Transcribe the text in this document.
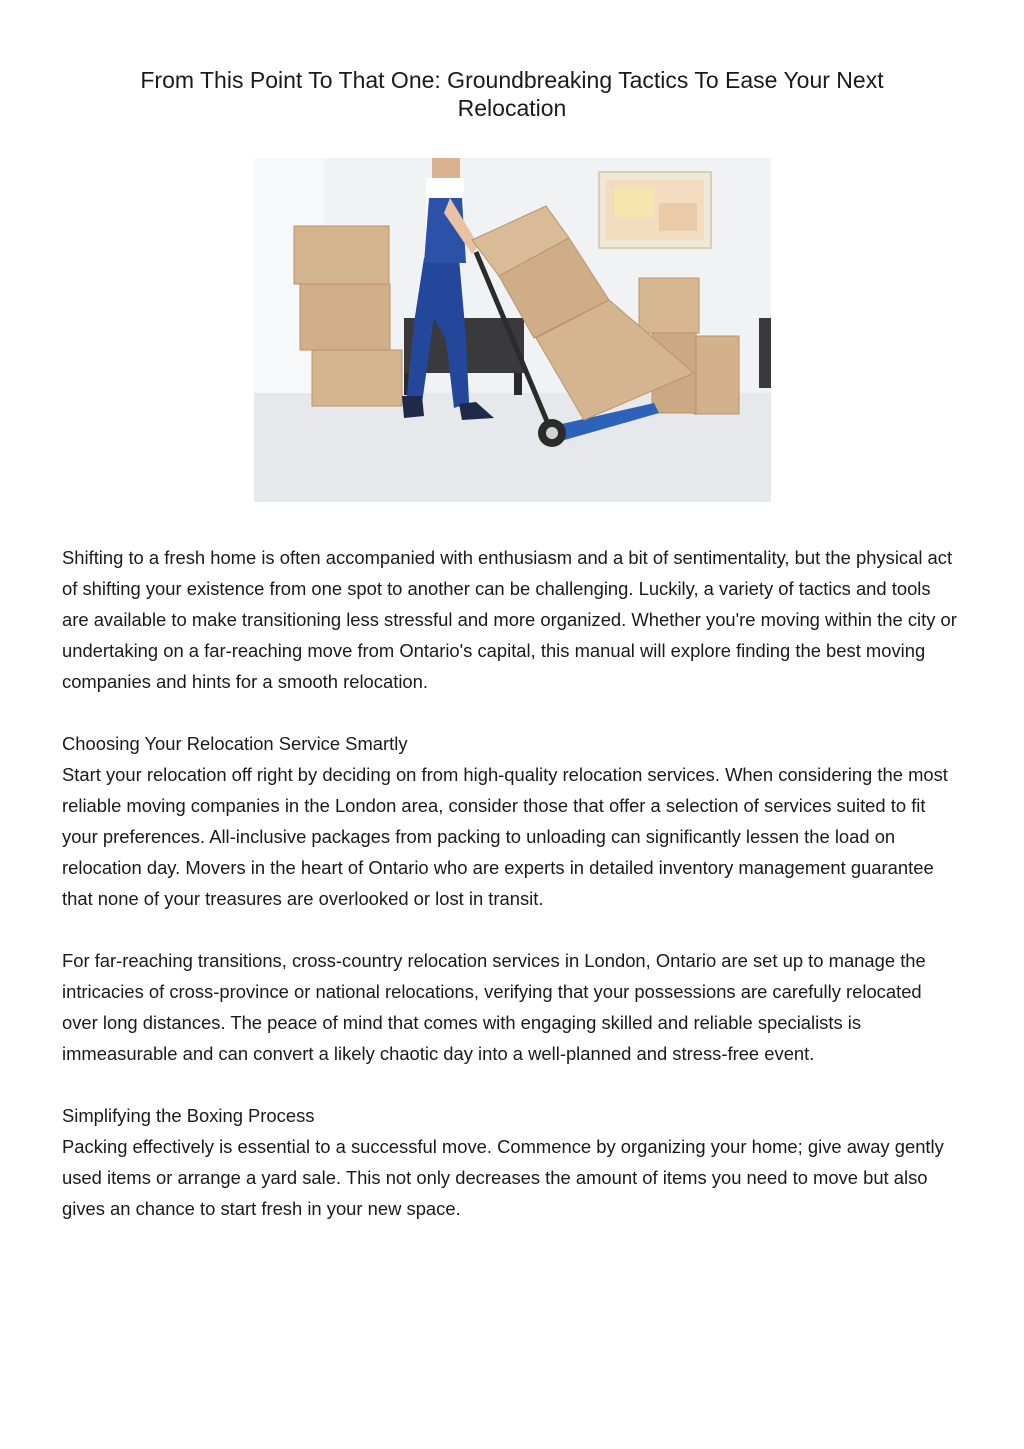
From This Point To That One: Groundbreaking Tactics To Ease Your Next Relocation

Shifting to a fresh home is often accompanied with enthusiasm and a bit of sentimentality, but the physical act of shifting your existence from one spot to another can be challenging. Luckily, a variety of tactics and tools are available to make transitioning less stressful and more organized. Whether you're moving within the city or undertaking on a far-reaching move from Ontario's capital, this manual will explore finding the best moving companies and hints for a smooth relocation.

Choosing Your Relocation Service Smartly
Start your relocation off right by deciding on from high-quality relocation services. When considering the most reliable moving companies in the London area, consider those that offer a selection of services suited to fit your preferences. All-inclusive packages from packing to unloading can significantly lessen the load on relocation day. Movers in the heart of Ontario who are experts in detailed inventory management guarantee that none of your treasures are overlooked or lost in transit.

For far-reaching transitions, cross-country relocation services in London, Ontario are set up to manage the intricacies of cross-province or national relocations, verifying that your possessions are carefully relocated over long distances. The peace of mind that comes with engaging skilled and reliable specialists is immeasurable and can convert a likely chaotic day into a well-planned and stress-free event.

Simplifying the Boxing Process
Packing effectively is essential to a successful move. Commence by organizing your home; give away gently used items or arrange a yard sale. This not only decreases the amount of items you need to move but also gives an chance to start fresh in your new space.
